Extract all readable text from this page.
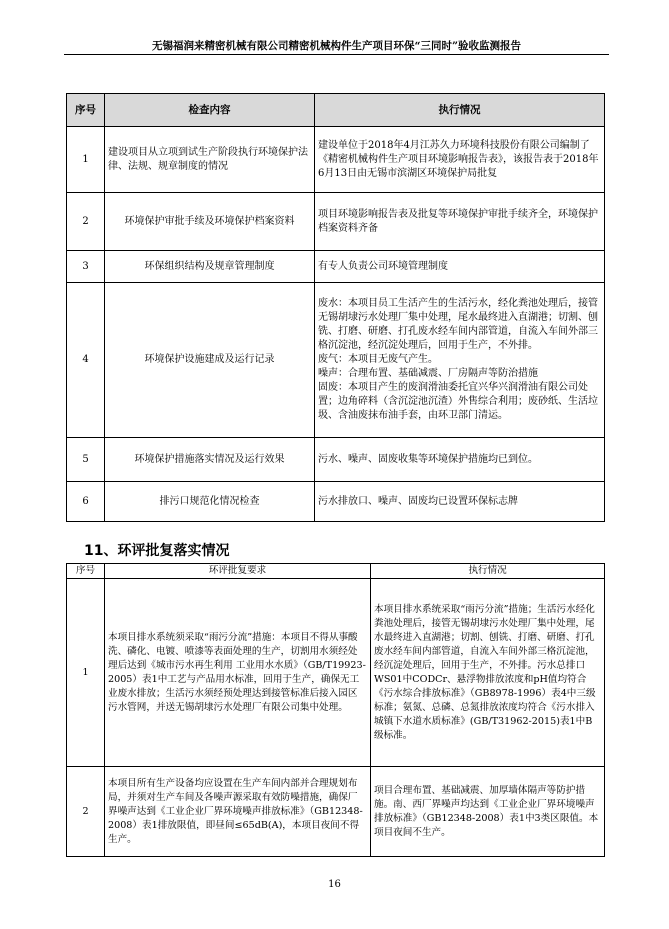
无锡福润来精密机械有限公司精密机械构件生产项目环保“三同时”验收监测报告
序号	检查内容	执行情况
1	建设项目从立项到试生产阶段执行环境保护法律、法规、规章制度的情况	建设单位于2018年4月江苏久力环境科技股份有限公司编制了《精密机械构件生产项目环境影响报告表》，该报告表于2018年6月13日由无锡市滨湖区环境保护局批复
2	环境保护审批手续及环境保护档案资料	项目环境影响报告表及批复等环境保护审批手续齐全，环境保护档案资料齐备
3	环保组织结构及规章管理制度	有专人负责公司环境管理制度
4	环境保护设施建成及运行记录	废水：本项目员工生活产生的生活污水，经化粪池处理后，接管无锡胡埭污水处理厂集中处理，尾水最终进入直湖港；切割、刨铣、打磨、研磨、打孔废水经车间内部管道，自流入车间外部三格沉淀池，经沉淀处理后，回用于生产，不外排。
废气：本项目无废气产生。
噪声：合理布置、基础减震、厂房隔声等防治措施
固废：本项目产生的废润滑油委托宜兴华兴润滑油有限公司处置；边角碎料（含沉淀池沉渣）外售综合利用；废砂纸、生活垃圾、含油废抹布油手套，由环卫部门清运。

5	环境保护措施落实情况及运行效果	污水、噪声、固废收集等环境保护措施均已到位。
6	排污口规范化情况检查	污水排放口、噪声、固废均已设置环保标志牌
11、环评批复落实情况
序号	环评批复要求	执行情况
1	本项目排水系统须采取“雨污分流”措施：本项目不得从事酸洗、磷化、电镀、喷漆等表面处理的生产，切割用水须经处理后达到《城市污水再生利用 工业用水水质》（GB/T19923-2005）表1中工艺与产品用水标准，回用于生产，确保无工业废水排放；生活污水须经预处理达到接管标准后接入园区污水管网，并送无锡胡埭污水处理厂有限公司集中处理。	本项目排水系统采取“雨污分流”措施；生活污水经化粪池处理后，接管无锡胡埭污水处理厂集中处理，尾水最终进入直湖港；切割、刨铣、打磨、研磨、打孔废水经车间内部管道，自流入车间外部三格沉淀池，经沉淀处理后，回用于生产，不外排。污水总排口WS01中CODCr、悬浮物排放浓度和pH值均符合《污水综合排放标准》（GB8978-1996）表4中三级标准；氨氮、总磷、总氮排放浓度均符合《污水排入城镇下水道水质标准》(GB/T31962-2015)表1中B级标准。
2	本项目所有生产设备均应设置在生产车间内部并合理规划布局，并须对生产车间及各噪声源采取有效防噪措施，确保厂界噪声达到《工业企业厂界环境噪声排放标准》（GB12348-2008）表1排放限值，即昼间≤65dB(A)，本项目夜间不得生产。	项目合理布置、基础减震、加厚墙体隔声等防护措施。南、西厂界噪声均达到《工业企业厂界环境噪声排放标准》（GB12348-2008）表1中3类区限值。本项目夜间不生产。
16
